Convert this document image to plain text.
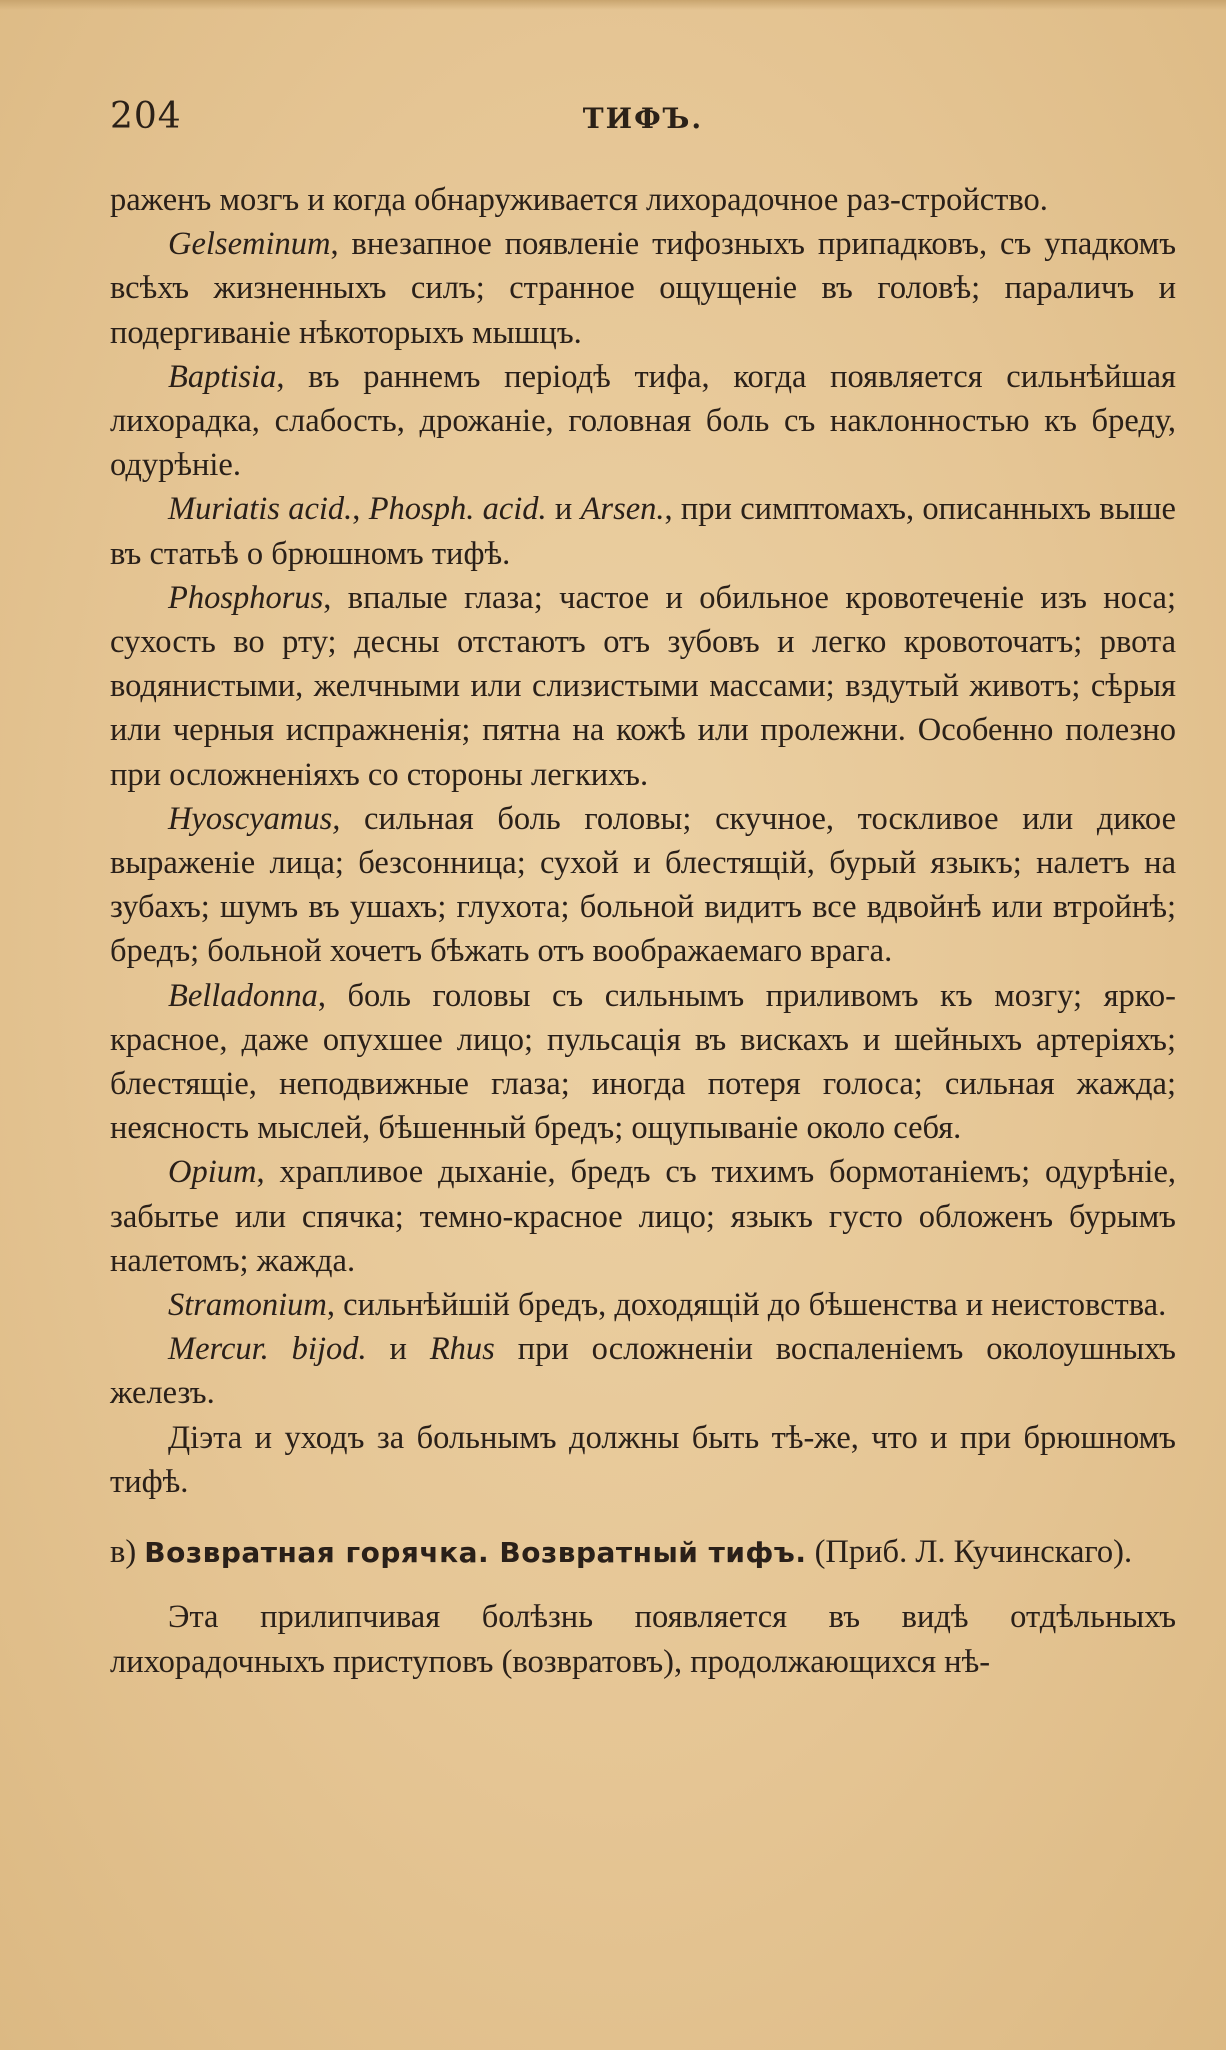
204	ТИФЪ.

раженъ мозгъ и когда обнаруживается лихорадочное раз-стройство.

Gelseminum, внезапное появленіе тифозныхъ припадковъ, съ упадкомъ всѣхъ жизненныхъ силъ; странное ощущеніе въ головѣ; параличъ и подергиваніе нѣкоторыхъ мышцъ.

Baptisia, въ раннемъ періодѣ тифа, когда появляется сильнѣйшая лихорадка, слабость, дрожаніе, головная боль съ наклонностью къ бреду, одурѣніе.

Muriatis acid., Phosph. acid. и Arsen., при симптомахъ, описанныхъ выше въ статьѣ о брюшномъ тифѣ.

Phosphorus, впалые глаза; частое и обильное кровотеченіе изъ носа; сухость во рту; десны отстаютъ отъ зубовъ и легко кровоточатъ; рвота водянистыми, желчными или слизистыми массами; вздутый животъ; сѣрыя или черныя испражненія; пятна на кожѣ или пролежни. Особенно полезно при осложненіяхъ со стороны легкихъ.

Hyoscyamus, сильная боль головы; скучное, тоскливое или дикое выраженіе лица; безсонница; сухой и блестящій, бурый языкъ; налетъ на зубахъ; шумъ въ ушахъ; глухота; больной видитъ все вдвойнѣ или втройнѣ; бредъ; больной хочетъ бѣжать отъ воображаемаго врага.

Belladonna, боль головы съ сильнымъ приливомъ къ мозгу; ярко-красное, даже опухшее лицо; пульсація въ вискахъ и шейныхъ артеріяхъ; блестящіе, неподвижные глаза; иногда потеря голоса; сильная жажда; неясность мыслей, бѣшенный бредъ; ощупываніе около себя.

Opium, храпливое дыханіе, бредъ съ тихимъ бормотаніемъ; одурѣніе, забытье или спячка; темно-красное лицо; языкъ густо обложенъ бурымъ налетомъ; жажда.

Stramonium, сильнѣйшій бредъ, доходящій до бѣшенства и неистовства.

Mercur. bijod. и Rhus при осложненіи воспаленіемъ околоушныхъ железъ.

Діэта и уходъ за больнымъ должны быть тѣ-же, что и при брюшномъ тифѣ.

в) Возвратная горячка. Возвратный тифъ. (Приб. Л. Кучинскаго).

Эта прилипчивая болѣзнь появляется въ видѣ отдѣльныхъ лихорадочныхъ приступовъ (возвратовъ), продолжающихся нѣ-
